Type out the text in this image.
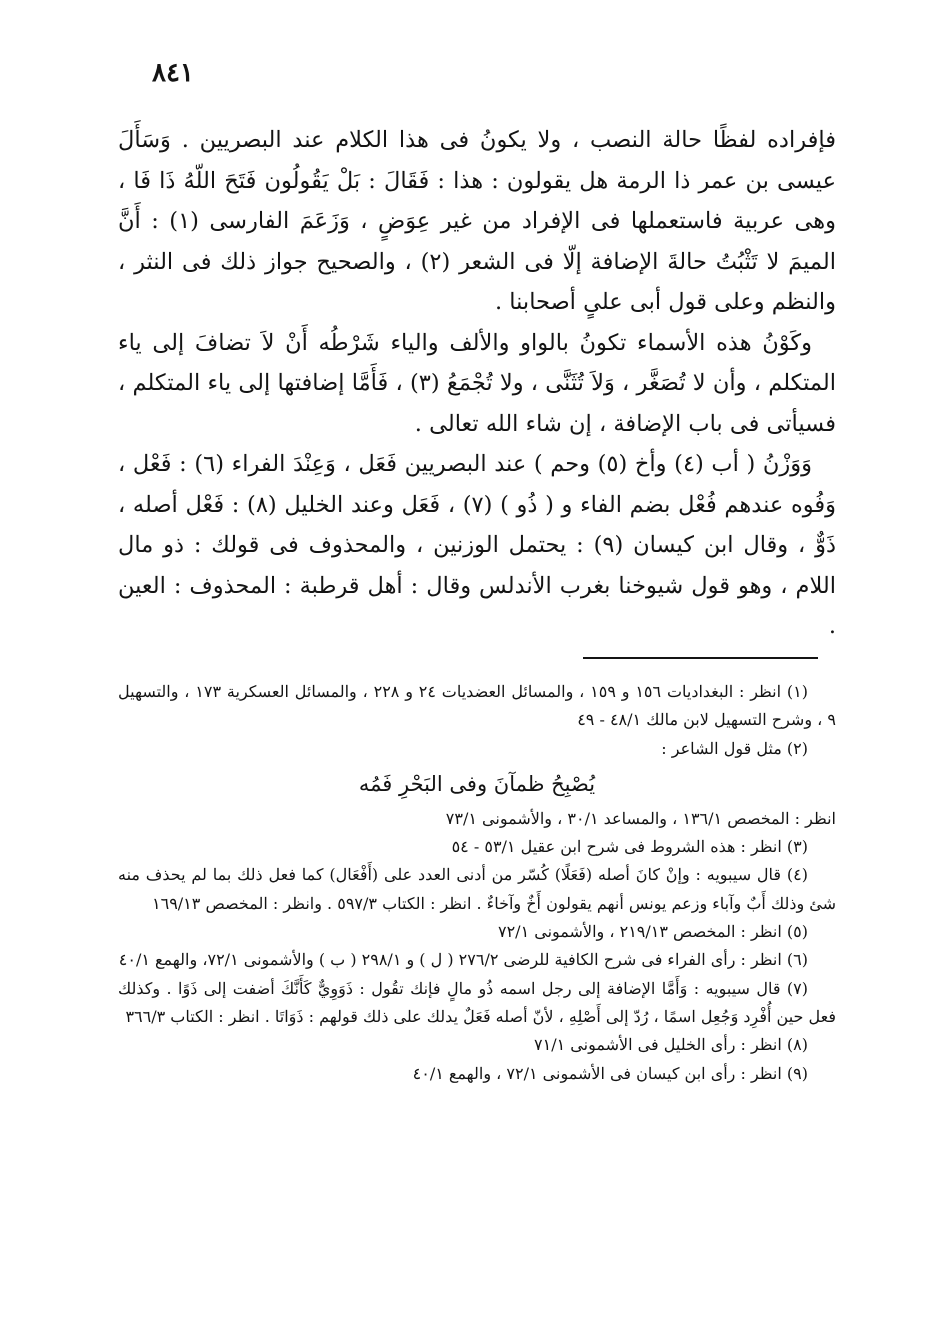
٨٤١

فإفراده لفظًا حالة النصب ، ولا يكونُ فى هذا الكلام عند البصريين . وَسَأَلَ عيسى بن عمر ذا الرمة هل يقولون : هذا : فَقَالَ : بَلْ يَقُولُون فَتَحَ اللّهُ ذَا فَا ، وهى عربية فاستعملها فى الإفراد من غير عِوَضٍ ، وَزَعَمَ الفارسى (١) : أَنَّ الميمَ لا تَثْبُتُ حالةَ الإضافة إلّا فى الشعر (٢) ، والصحيح جواز ذلك فى النثر ، والنظم وعلى قول أبى علىٍ أصحابنا .

وكَوْنُ هذه الأسماء تكونُ بالواو والألف والياء شَرْطُه أَنْ لاَ تضافَ إلى ياء المتكلم ، وأن لا تُصَغَّر ، وَلاَ تُثَنَّى ، ولا تُجْمَعُ (٣) ، فَأَمَّا إضافتها إلى ياء المتكلم ، فسيأتى فى باب الإضافة ، إن شاء الله تعالى .

وَوَزْنُ ( أب (٤) وأخ (٥) وحم ) عند البصريين فَعَل ، وَعِنْدَ الفراء (٦) : فَعْل ، وَفُوه عندهم فُعْل بضم الفاء و ( ذُو ) (٧) ، فَعَل وعند الخليل (٨) : فَعْل أصله ، ذَوٌّ ، وقال ابن كيسان (٩) : يحتمل الوزنين ، والمحذوف فى قولك : ذو مال اللام ، وهو قول شيوخنا بغرب الأندلس وقال : أهل قرطبة : المحذوف : العين .

(١) انظر : البغداديات ١٥٦ و ١٥٩ ، والمسائل العضديات ٢٤ و ٢٢٨ ، والمسائل العسكرية ١٧٣ ، والتسهيل ٩ ، وشرح التسهيل لابن مالك ٤٨/١ - ٤٩

(٢) مثل قول الشاعر :

يُصْبِحُ ظمآنَ وفى البَحْرِ فَمُه

انظر : المخصص ١٣٦/١ ، والمساعد ٣٠/١ ، والأشمونى ٧٣/١

(٣) انظر : هذه الشروط فى شرح ابن عقيل ٥٣/١ - ٥٤

(٤) قال سيبويه : وإنْ كانَ أصله (فَعَلًا) كُسّر من أدنى العدد على (أَفْعَال) كما فعل ذلك بما لم يحذف منه شئ وذلك أَبٌ وآباء وزعم يونس أنهم يقولون أَخٌ وآخاءٌ . انظر : الكتاب ٥٩٧/٣ . وانظر : المخصص ١٦٩/١٣

(٥) انظر : المخصص ٢١٩/١٣ ، والأشمونى ٧٢/١

(٦) انظر : رأى الفراء فى شرح الكافية للرضى ٢٧٦/٢ ( ل ) و ٢٩٨/١ ( ب ) والأشمونى ٧٢/١، والهمع ٤٠/١

(٧) قال سيبويه : وَأَمَّا الإضافة إلى رجل اسمه ذُو مالٍ فإنك تقُول : ذَوَوِيٌّ كَأَنَّكَ أضفت إلى ذَوًا . وكذلك فعل حين أُفْرِد وَجُعِل اسمًا ، رُدّ إلى أَصْلِهِ ، لأنّ أصله فَعَلٌ يدلك على ذلك قولهم : ذَوَاتَا . انظر : الكتاب ٣٦٦/٣

(٨) انظر : رأى الخليل فى الأشمونى ٧١/١

(٩) انظر : رأى ابن كيسان فى الأشمونى ٧٢/١ ، والهمع ٤٠/١
